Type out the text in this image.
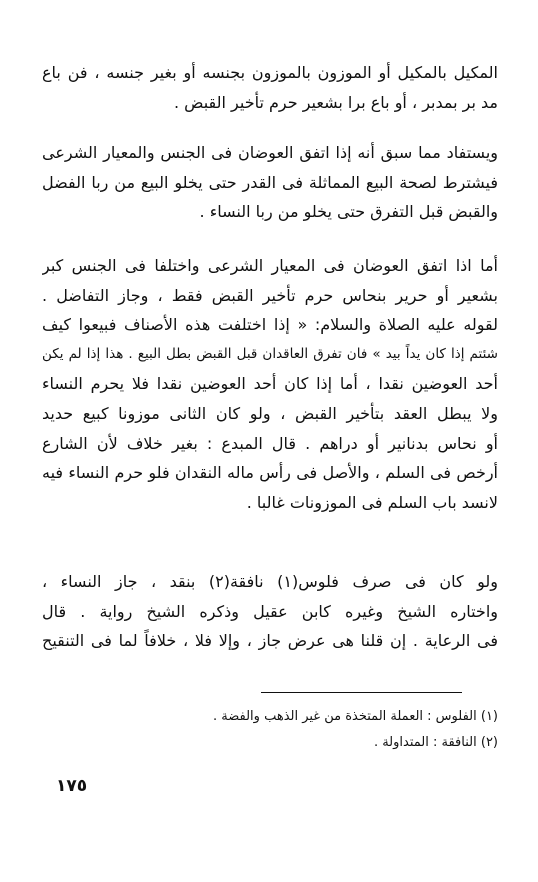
المكيل بالمكيل أو الموزون بالموزون بجنسه أو بغير جنسه ، فن باع
مد بر بمدبر ، أو باع برا بشعير حرم تأخير القبض .
ويستفاد مما سبق أنه إذا اتفق العوضان فى الجنس والمعيار الشرعى
فيشترط لصحة البيع المماثلة فى القدر حتى يخلو البيع من ربا الفضل
والقبض قبل التفرق حتى يخلو من ربا النساء .
أما اذا اتفق العوضان فى المعيار الشرعى واختلفا فى الجنس كبر
بشعير أو حرير بنحاس حرم تأخير القبض فقط ، وجاز التفاضل .
لقوله عليه الصلاة والسلام: « إذا اختلفت هذه الأصناف فبيعوا كيف
شئتم إذا كان يداً بيد » فان تفرق العاقدان قبل القبض بطل البيع . هذا إذا لم يكن
أحد العوضين نقدا ، أما إذا كان أحد العوضين نقدا فلا يحرم النساء
ولا يبطل العقد بتأخير القبض ، ولو كان الثانى موزونا كبيع حديد
أو نحاس بدنانير أو دراهم . قال المبدع : بغير خلاف لأن الشارع
أرخص فى السلم ، والأصل فى رأس ماله النقدان فلو حرم النساء فيه
لانسد باب السلم فى الموزونات غالبا .
ولو كان فى صرف فلوس(١) نافقة(٢) بنقد ، جاز النساء ،
واختاره الشيخ وغيره كابن عقيل وذكره الشيخ رواية . قال
فى الرعاية . إن قلنا هى عرض جاز ، وإلا فلا ، خلافاً لما فى التنقيح
(١) الفلوس : العملة المتخذة من غير الذهب والفضة .
(٢) النافقة : المتداولة .
١٧٥
